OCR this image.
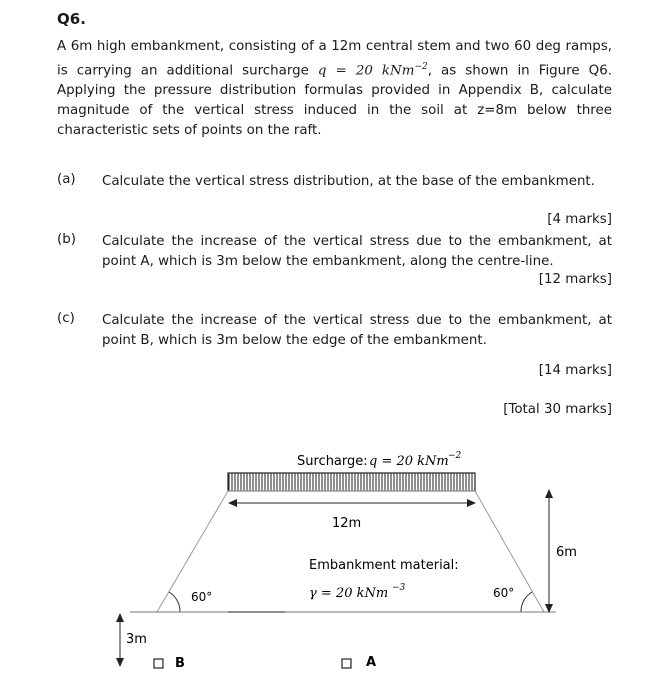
Q6.
A 6m high embankment, consisting of a 12m central stem and two 60 deg ramps, is carrying an additional surcharge q = 20 kNm$^{-2}$, as shown in Figure Q6. Applying the pressure distribution formulas provided in Appendix B, calculate magnitude of the vertical stress induced in the soil at z=8m below three characteristic sets of points on the raft.
(a) Calculate the vertical stress distribution, at the base of the embankment.
[4 marks]
(b) Calculate the increase of the vertical stress due to the embankment, at point A, which is 3m below the embankment, along the centre-line.
[12 marks]
(c) Calculate the increase of the vertical stress due to the embankment, at point B, which is 3m below the edge of the embankment.
[14 marks]
[Total 30 marks]
Surcharge: q = 20 kNm −2
12m
6m
Embankment material:
γ = 20 kNm −3
60°	60°
3m
B	A
